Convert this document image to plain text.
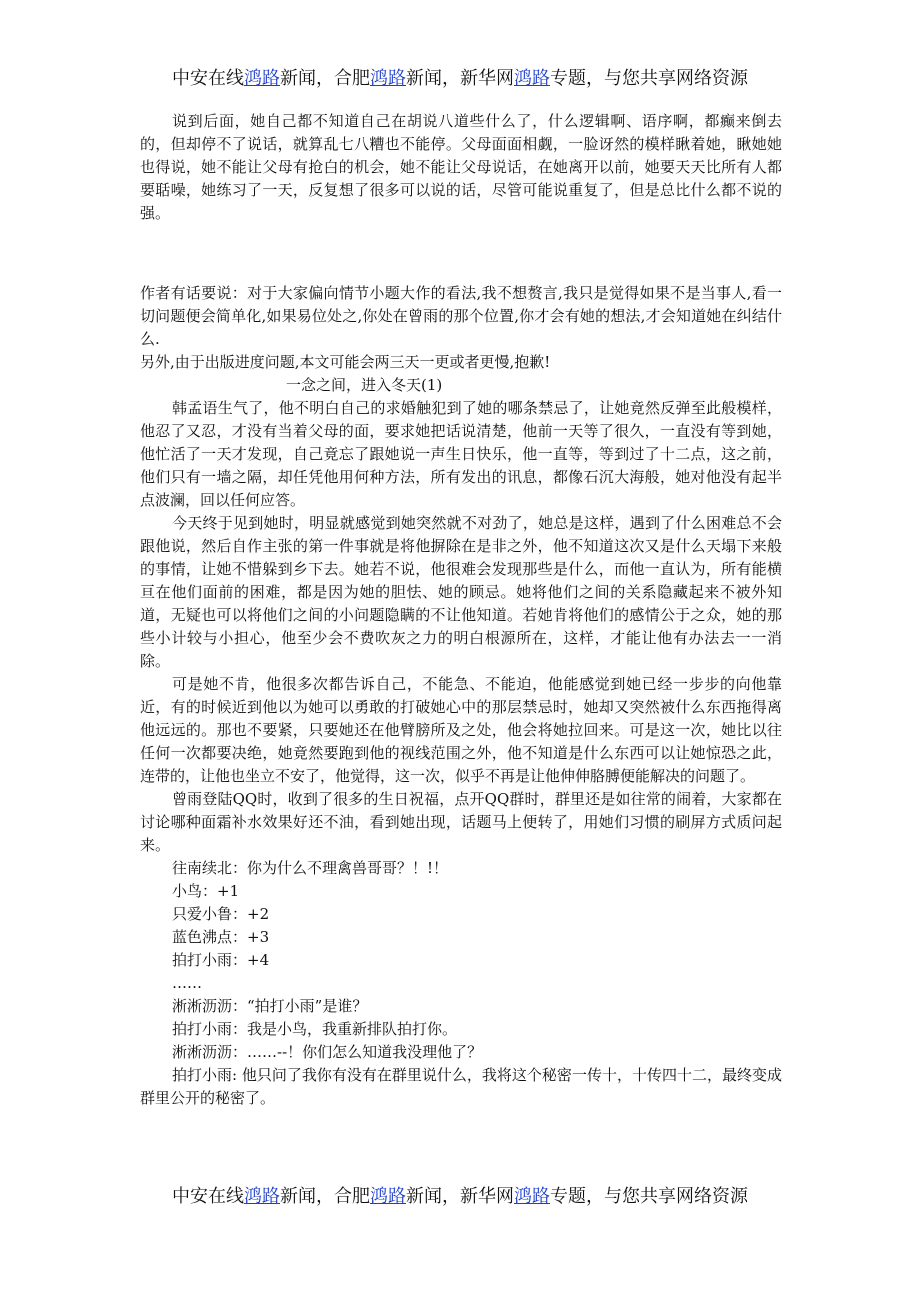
中安在线鸿路新闻，合肥鸿路新闻，新华网鸿路专题，与您共享网络资源

说到后面，她自己都不知道自己在胡说八道些什么了，什么逻辑啊、语序啊，都癫来倒去的，但却停不了说话，就算乱七八糟也不能停。父母面面相觑，一脸讶然的模样瞅着她，瞅她她也得说，她不能让父母有抢白的机会，她不能让父母说话，在她离开以前，她要天天比所有人都要聒噪，她练习了一天，反复想了很多可以说的话，尽管可能说重复了，但是总比什么都不说的强。

作者有话要说：对于大家偏向情节小题大作的看法,我不想赘言,我只是觉得如果不是当事人,看一切问题便会简单化,如果易位处之,你处在曾雨的那个位置,你才会有她的想法,才会知道她在纠结什么.

另外,由于出版进度问题,本文可能会两三天一更或者更慢,抱歉!

一念之间，进入冬天(1)

韩孟语生气了，他不明白自己的求婚触犯到了她的哪条禁忌了，让她竟然反弹至此般模样，他忍了又忍，才没有当着父母的面，要求她把话说清楚，他前一天等了很久，一直没有等到她，他忙活了一天才发现，自己竟忘了跟她说一声生日快乐，他一直等，等到过了十二点，这之前，他们只有一墙之隔，却任凭他用何种方法，所有发出的讯息，都像石沉大海般，她对他没有起半点波澜，回以任何应答。

今天终于见到她时，明显就感觉到她突然就不对劲了，她总是这样，遇到了什么困难总不会跟他说，然后自作主张的第一件事就是将他摒除在是非之外，他不知道这次又是什么天塌下来般的事情，让她不惜躲到乡下去。她若不说，他很难会发现那些是什么，而他一直认为，所有能横亘在他们面前的困难，都是因为她的胆怯、她的顾忌。她将他们之间的关系隐藏起来不被外知道，无疑也可以将他们之间的小问题隐瞒的不让他知道。若她肯将他们的感情公于之众，她的那些小计较与小担心，他至少会不费吹灰之力的明白根源所在，这样，才能让他有办法去一一消除。

可是她不肯，他很多次都告诉自己，不能急、不能迫，他能感觉到她已经一步步的向他靠近，有的时候近到他以为她可以勇敢的打破她心中的那层禁忌时，她却又突然被什么东西拖得离他远远的。那也不要紧，只要她还在他臂膀所及之处，他会将她拉回来。可是这一次，她比以往任何一次都要决绝，她竟然要跑到他的视线范围之外，他不知道是什么东西可以让她惊恐之此，连带的，让他也坐立不安了，他觉得，这一次，似乎不再是让他伸伸胳膊便能解决的问题了。

曾雨登陆QQ时，收到了很多的生日祝福，点开QQ群时，群里还是如往常的闹着，大家都在讨论哪种面霜补水效果好还不油，看到她出现，话题马上便转了，用她们习惯的刷屏方式质问起来。

往南续北：你为什么不理禽兽哥哥？！!！

小鸟：+1

只爱小鲁：+2

蓝色沸点：+3

拍打小雨：+4

……

淅淅沥沥：“拍打小雨”是谁？

拍打小雨：我是小鸟，我重新排队拍打你。

淅淅沥沥：……--！你们怎么知道我没理他了？

拍打小雨: 他只问了我你有没有在群里说什么，我将这个秘密一传十，十传四十二，最终变成群里公开的秘密了。

中安在线鸿路新闻，合肥鸿路新闻，新华网鸿路专题，与您共享网络资源
